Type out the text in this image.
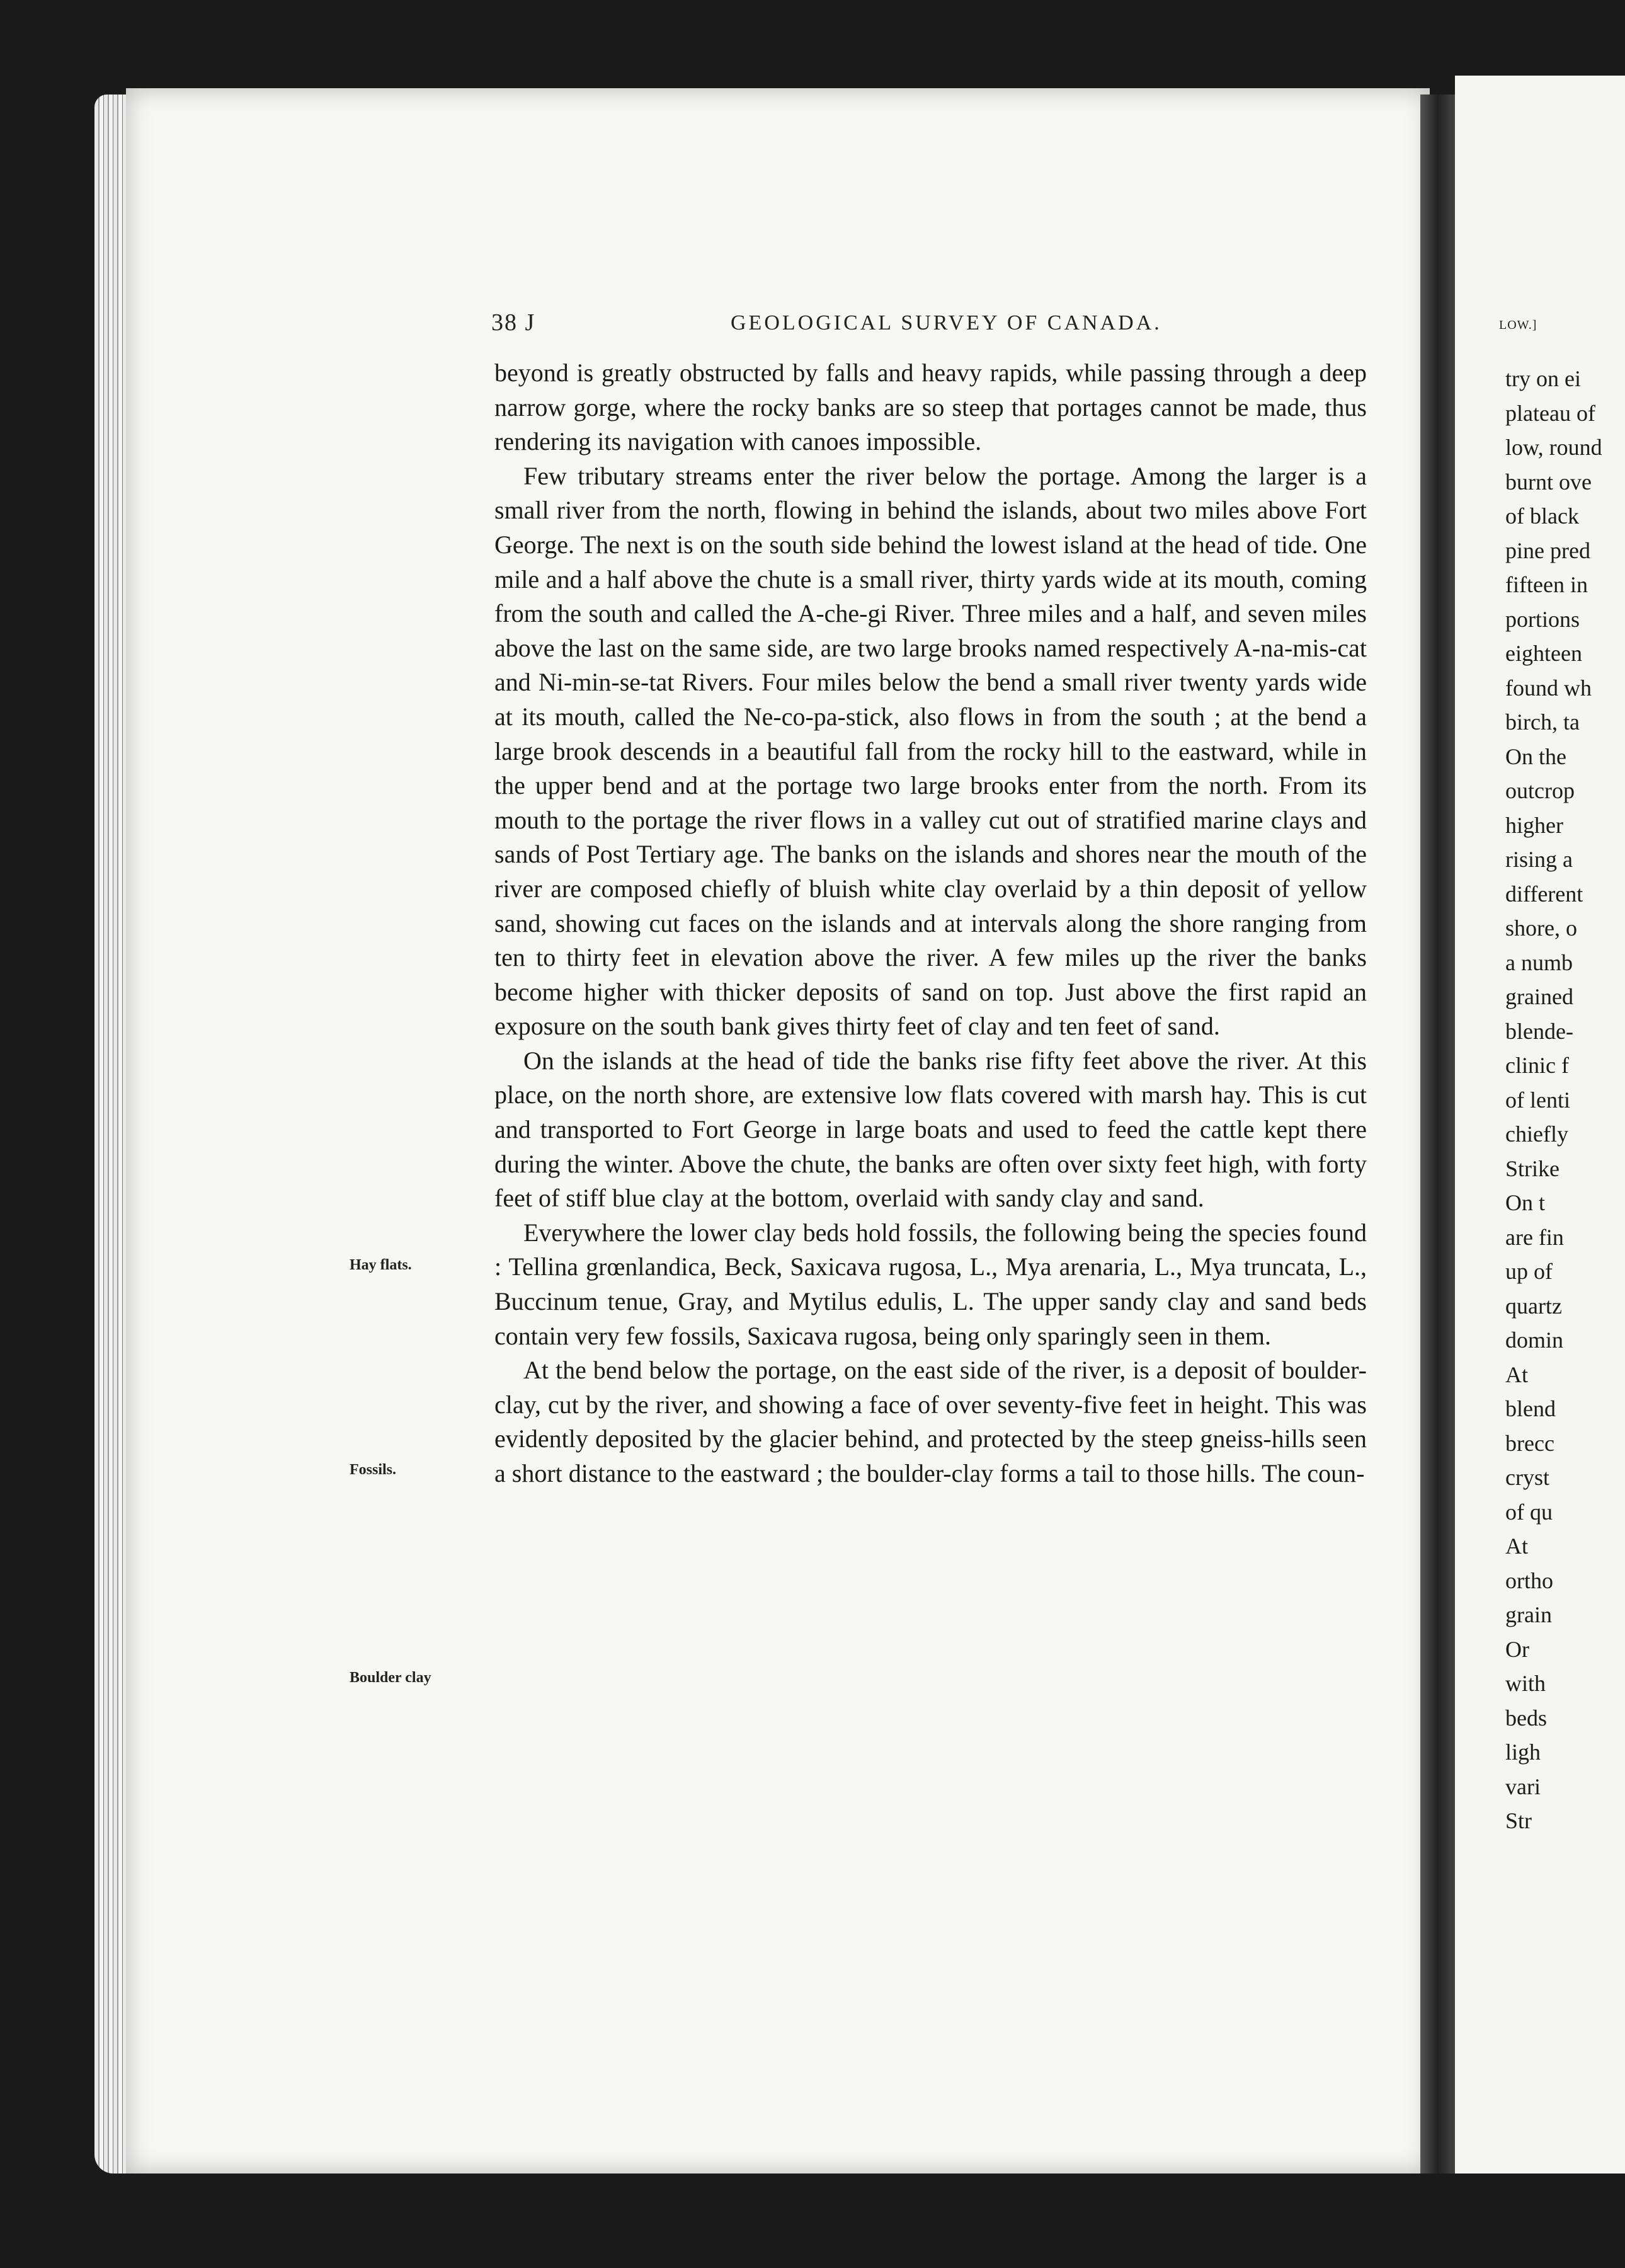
LOW.]
try on ei
plateau of
low, round
burnt ove
of black
pine pred
fifteen in
portions
eighteen
found wh
birch, ta
On the
outcrop
higher
rising a
different
shore, o
a numb
grained
blende-
clinic f
of lenti
chiefly
Strike
On t
are fin
up of
quartz
domin
At
blend
brecc
cryst
of qu
At
ortho
grain
Or
with
beds
ligh
vari
Str
38 J	GEOLOGICAL SURVEY OF CANADA.

beyond is greatly obstructed by falls and heavy rapids, while passing through a deep narrow gorge, where the rocky banks are so steep that portages cannot be made, thus rendering its navigation with canoes impossible.

Few tributary streams enter the river below the portage. Among the larger is a small river from the north, flowing in behind the islands, about two miles above Fort George. The next is on the south side behind the lowest island at the head of tide. One mile and a half above the chute is a small river, thirty yards wide at its mouth, coming from the south and called the A-che-gi River. Three miles and a half, and seven miles above the last on the same side, are two large brooks named respectively A-na-mis-cat and Ni-min-se-tat Rivers. Four miles below the bend a small river twenty yards wide at its mouth, called the Ne-co-pa-stick, also flows in from the south ; at the bend a large brook descends in a beautiful fall from the rocky hill to the eastward, while in the upper bend and at the portage two large brooks enter from the north. From its mouth to the portage the river flows in a valley cut out of stratified marine clays and sands of Post Tertiary age. The banks on the islands and shores near the mouth of the river are composed chiefly of bluish white clay overlaid by a thin deposit of yellow sand, showing cut faces on the islands and at intervals along the shore ranging from ten to thirty feet in elevation above the river. A few miles up the river the banks become higher with thicker deposits of sand on top. Just above the first rapid an exposure on the south bank gives thirty feet of clay and ten feet of sand.

On the islands at the head of tide the banks rise fifty feet above the river. At this place, on the north shore, are extensive low flats covered with marsh hay. This is cut and transported to Fort George in large boats and used to feed the cattle kept there during the winter. Above the chute, the banks are often over sixty feet high, with forty feet of stiff blue clay at the bottom, overlaid with sandy clay and sand.

Everywhere the lower clay beds hold fossils, the following being the species found : Tellina grœnlandica, Beck, Saxicava rugosa, L., Mya arenaria, L., Mya truncata, L., Buccinum tenue, Gray, and Mytilus edulis, L. The upper sandy clay and sand beds contain very few fossils, Saxicava rugosa, being only sparingly seen in them.

At the bend below the portage, on the east side of the river, is a deposit of boulder-clay, cut by the river, and showing a face of over seventy-five feet in height. This was evidently deposited by the glacier behind, and protected by the steep gneiss-hills seen a short distance to the eastward ; the boulder-clay forms a tail to those hills. The coun-

Hay flats.
Fossils.
Boulder clay
